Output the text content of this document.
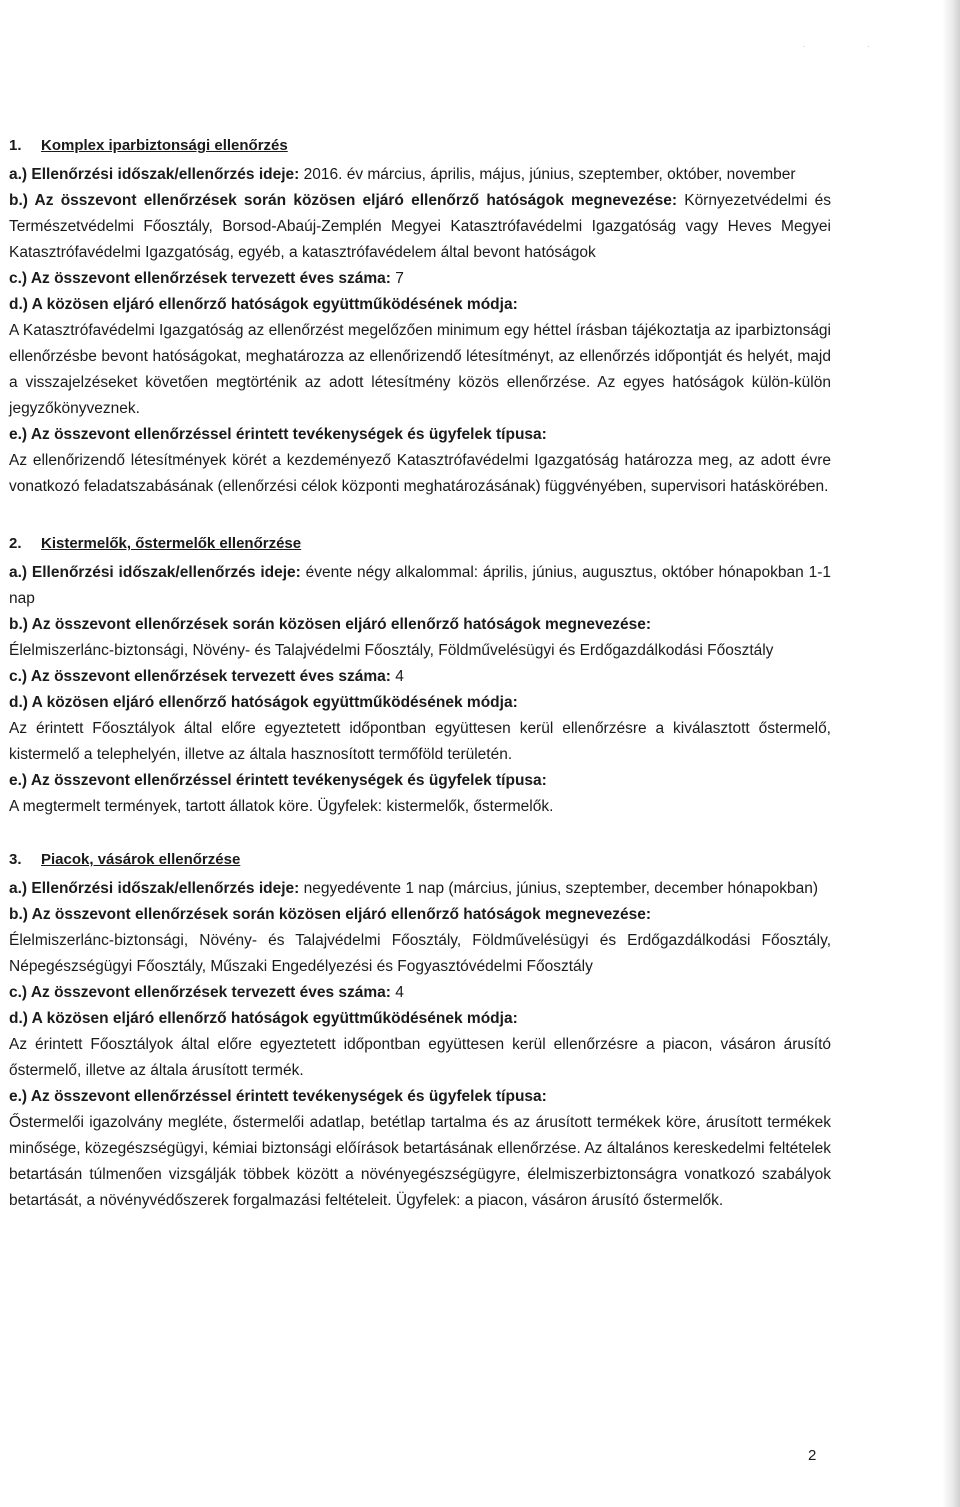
· ·
1. Komplex iparbiztonsági ellenőrzés

a.) Ellenőrzési időszak/ellenőrzés ideje: 2016. év március, április, május, június, szeptember, október, november

b.) Az összevont ellenőrzések során közösen eljáró ellenőrző hatóságok megnevezése: Környezetvédelmi és Természetvédelmi Főosztály, Borsod-Abaúj-Zemplén Megyei Katasztrófavédelmi Igazgatóság vagy Heves Megyei Katasztrófavédelmi Igazgatóság, egyéb, a katasztrófavédelem által bevont hatóságok

c.) Az összevont ellenőrzések tervezett éves száma: 7

d.) A közösen eljáró ellenőrző hatóságok együttműködésének módja:

A Katasztrófavédelmi Igazgatóság az ellenőrzést megelőzően minimum egy héttel írásban tájékoztatja az iparbiztonsági ellenőrzésbe bevont hatóságokat, meghatározza az ellenőrizendő létesítményt, az ellenőrzés időpontját és helyét, majd a visszajelzéseket követően megtörténik az adott létesítmény közös ellenőrzése. Az egyes hatóságok külön-külön jegyzőkönyveznek.

e.) Az összevont ellenőrzéssel érintett tevékenységek és ügyfelek típusa:

Az ellenőrizendő létesítmények körét a kezdeményező Katasztrófavédelmi Igazgatóság határozza meg, az adott évre vonatkozó feladatszabásának (ellenőrzési célok központi meghatározásának) függvényében, supervisori hatáskörében.

2. Kistermelők, őstermelők ellenőrzése

a.) Ellenőrzési időszak/ellenőrzés ideje: évente négy alkalommal: április, június, augusztus, október hónapokban 1-1 nap

b.) Az összevont ellenőrzések során közösen eljáró ellenőrző hatóságok megnevezése:

Élelmiszerlánc-biztonsági, Növény- és Talajvédelmi Főosztály, Földművelésügyi és Erdőgazdálkodási Főosztály

c.) Az összevont ellenőrzések tervezett éves száma: 4

d.) A közösen eljáró ellenőrző hatóságok együttműködésének módja:

Az érintett Főosztályok által előre egyeztetett időpontban együttesen kerül ellenőrzésre a kiválasztott őstermelő, kistermelő a telephelyén, illetve az általa hasznosított termőföld területén.

e.) Az összevont ellenőrzéssel érintett tevékenységek és ügyfelek típusa:

A megtermelt termények, tartott állatok köre. Ügyfelek: kistermelők, őstermelők.

3. Piacok, vásárok ellenőrzése

a.) Ellenőrzési időszak/ellenőrzés ideje: negyedévente 1 nap (március, június, szeptember, december hónapokban)

b.) Az összevont ellenőrzések során közösen eljáró ellenőrző hatóságok megnevezése:

Élelmiszerlánc-biztonsági, Növény- és Talajvédelmi Főosztály, Földművelésügyi és Erdőgazdálkodási Főosztály, Népegészségügyi Főosztály, Műszaki Engedélyezési és Fogyasztóvédelmi Főosztály

c.) Az összevont ellenőrzések tervezett éves száma: 4

d.) A közösen eljáró ellenőrző hatóságok együttműködésének módja:

Az érintett Főosztályok által előre egyeztetett időpontban együttesen kerül ellenőrzésre a piacon, vásáron árusító őstermelő, illetve az általa árusított termék.

e.) Az összevont ellenőrzéssel érintett tevékenységek és ügyfelek típusa:

Őstermelői igazolvány megléte, őstermelői adatlap, betétlap tartalma és az árusított termékek köre, árusított termékek minősége, közegészségügyi, kémiai biztonsági előírások betartásának ellenőrzése. Az általános kereskedelmi feltételek betartásán túlmenően vizsgálják többek között a növényegészségügyre, élelmiszerbiztonságra vonatkozó szabályok betartását, a növényvédőszerek forgalmazási feltételeit. Ügyfelek: a piacon, vásáron árusító őstermelők.

2
